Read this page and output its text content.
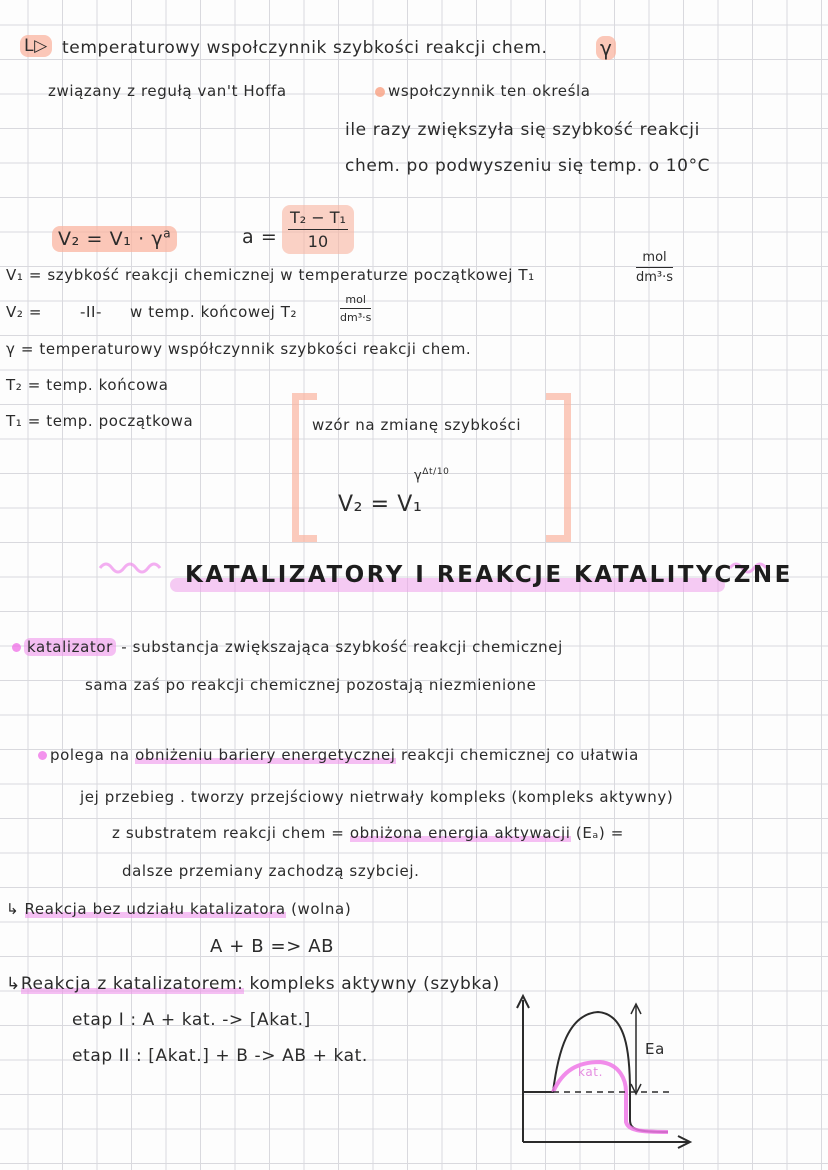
L▷ temperaturowy wspołczynnik szybkości reakcji chem.	γ
związany z regułą van't Hoffa	wspołczynnik ten określa
ile razy zwiększyła się szybkość reakcji
chem. po podwyszeniu się temp. o 10°C
$V_2 = V_1 \cdot \gamma^a$	$a = \frac{\text{T₂ − T₁}}{10}$
V₁ = szybkość reakcji chemicznej w temperaturze początkowej T₁
mol
dm³·s
V₂ =	-II- w temp. końcowej T₂
mol
dm³·s
γ = temperaturowy współczynnik szybkości reakcji chem.
T₂ = temp. końcowa
T₁ = temp. początkowa	wzór na zmianę szybkości
V₂ = V₁
$\gamma^{\Delta t/10}$
KATALIZATORY I REAKCJE KATALITYCZNE
katalizator - substancja zwiększająca szybkość reakcji chemicznej
sama zaś po reakcji chemicznej pozostają niezmienione
polega na obniżeniu bariery energetycznej reakcji chemicznej co ułatwia
jej przebieg . tworzy przejściowy nietrwały kompleks (kompleks aktywny)
z substratem reakcji chem = obniżona energia aktywacji (Eₐ) =
dalsze przemiany zachodzą szybciej.
↳ Reakcja bez udziału katalizatora (wolna)
A + B => AB
↳Reakcja z katalizatorem: kompleks aktywny (szybka)
etap I : A + kat. -> [Akat.]
etap II : [Akat.] + B -> AB + kat.	Ea
kat.
